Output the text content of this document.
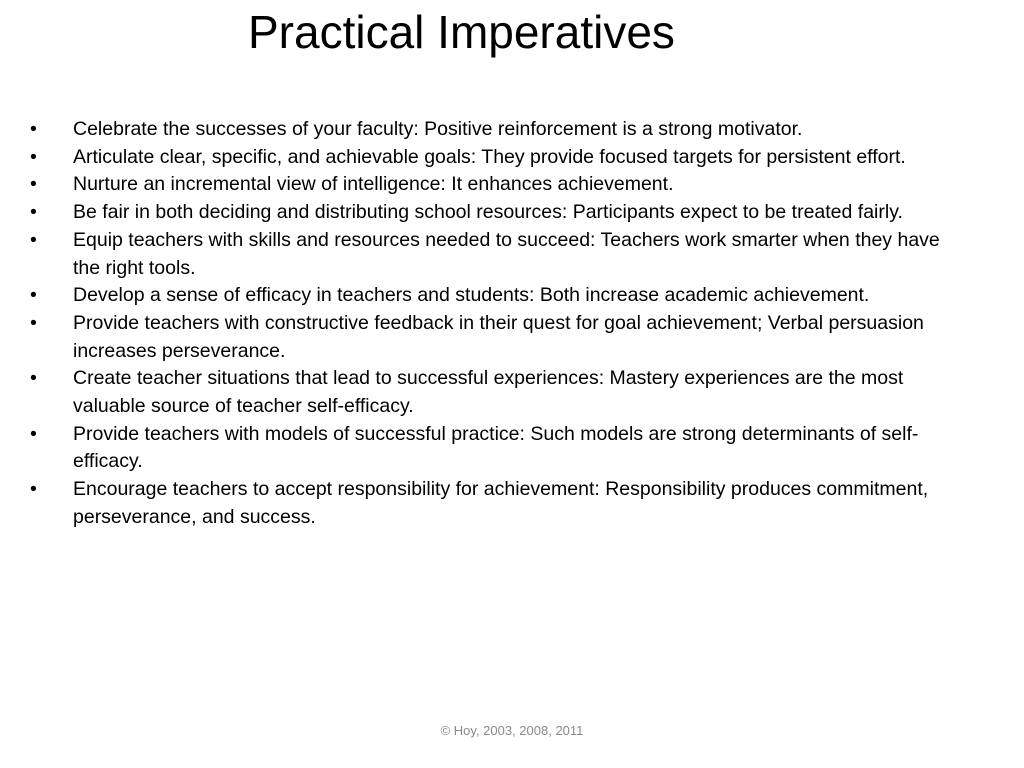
Practical Imperatives
•	Celebrate the successes of your faculty: Positive reinforcement is a strong motivator.
•	Articulate clear, specific, and achievable goals: They provide focused targets for persistent effort.
•	Nurture an incremental view of intelligence: It enhances achievement.
•	Be fair in both deciding and distributing school resources: Participants expect to be treated fairly.
•	Equip teachers with skills and resources needed to succeed: Teachers work smarter when they have the right tools.
•	Develop a sense of efficacy in teachers and students: Both increase academic achievement.
•	Provide teachers with constructive feedback in their quest for goal achievement; Verbal persuasion increases perseverance.
•	Create teacher situations that lead to successful experiences: Mastery experiences are the most valuable source of teacher self-efficacy.
•	Provide teachers with models of successful practice: Such models are strong determinants of self-efficacy.
•	Encourage teachers to accept responsibility for achievement: Responsibility produces commitment, perseverance, and success.
© Hoy, 2003, 2008, 2011
